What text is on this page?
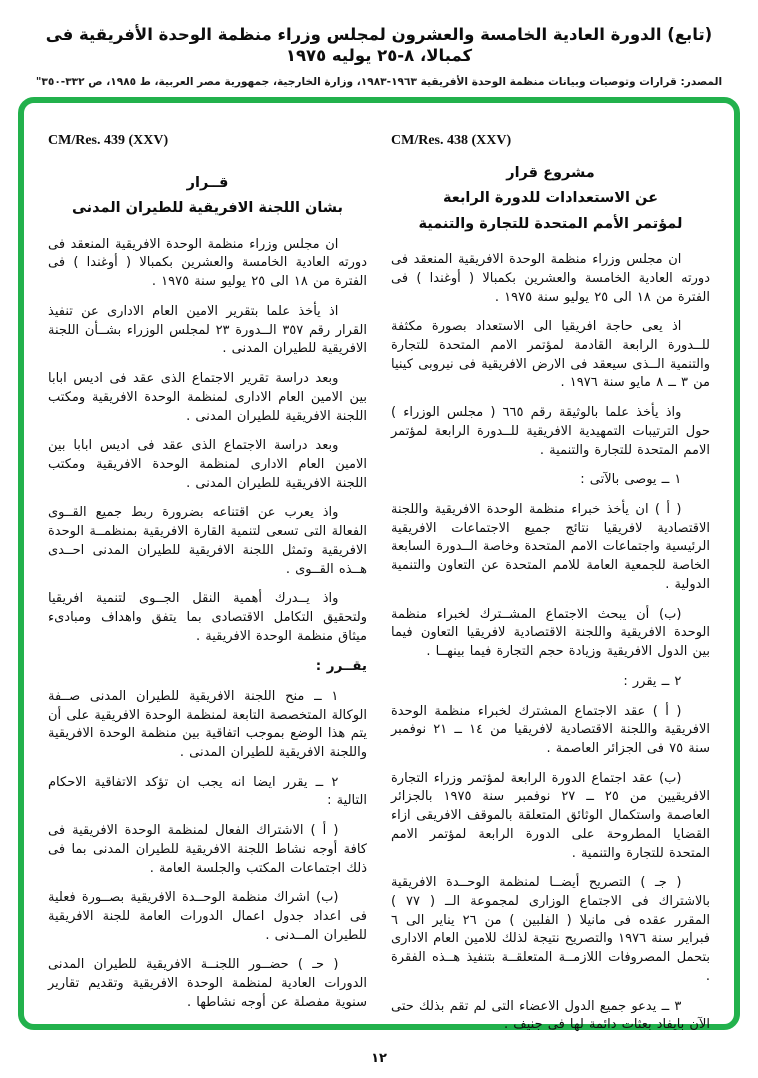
(تابع) الدورة العادية الخامسة والعشرون لمجلس وزراء منظمة الوحدة الأفريقية فى كمبالا، ٨-٢٥ يوليه ١٩٧٥
المصدر: قرارات وتوصيات وبيانات منظمة الوحدة الأفريقية ١٩٦٣-١٩٨٣، وزارة الخارجية، جمهورية مصر العربية، ط ١٩٨٥، ص ٣٣٢-٣٥٠"
CM/Res. 438 (XXV)
مشروع قرار
عن الاستعدادات للدورة الرابعة
لمؤتمر الأمم المتحدة للتجارة والتنمية

ان مجلس وزراء منظمة الوحدة الافريقية المنعقد فى دورته العادية الخامسة والعشرين بكمبالا ( أوغندا ) فى الفترة من ١٨ الى ٢٥ يوليو سنة ١٩٧٥ .

اذ يعى حاجة افريقيا الى الاستعداد بصورة مكثفة للــدورة الرابعة القادمة لمؤتمر الامم المتحدة للتجارة والتنمية الــذى سيعقد فى الارض الافريقية فى نيروبى كينيا من ٣ ــ ٨ مايو سنة ١٩٧٦ .

واذ يأخذ علما بالوثيقة رقم ٦٦٥ ( مجلس الوزراء ) حول الترتيبات التمهيدية الافريقية للــدورة الرابعة لمؤتمر الامم المتحدة للتجارة والتنمية .

١ ــ يوصى بالآتى :

( أ ) ان يأخذ خبراء منظمة الوحدة الافريقية واللجنة الاقتصادية لافريقيا نتائج جميع الاجتماعات الافريقية الرئيسية واجتماعات الامم المتحدة وخاصة الــدورة السابعة الخاصة للجمعية العامة للامم المتحدة عن التعاون والتنمية الدولية .

(ب) أن يبحث الاجتماع المشــترك لخبراء منظمة الوحدة الافريقية واللجنة الاقتصادية لافريقيا التعاون فيما بين الدول الافريقية وزيادة حجم التجارة فيما بينهــا .

٢ ــ يقرر :

( أ ) عقد الاجتماع المشترك لخبراء منظمة الوحدة الافريقية واللجنة الاقتصادية لافريقيا من ١٤ ــ ٢١ نوفمبر سنة ٧٥ فى الجزائر العاصمة .

(ب) عقد اجتماع الدورة الرابعة لمؤتمر وزراء التجارة الافريقيين من ٢٥ ــ ٢٧ نوفمبر سنة ١٩٧٥ بالجزائر العاصمة واستكمال الوثائق المتعلقة بالموقف الافريقى ازاء القضايا المطروحة على الدورة الرابعة لمؤتمر الامم المتحدة للتجارة والتنمية .

( جـ ) التصريح أيضــا لمنظمة الوحــدة الافريقية بالاشتراك فى الاجتماع الوزارى لمجموعة الــ ( ٧٧ ) المقرر عقده فى مانيلا ( الفلبين ) من ٢٦ يناير الى ٦ فبراير سنة ١٩٧٦ والتصريح نتيجة لذلك للامين العام الادارى بتحمل المصروفات اللازمــة المتعلقــة بتنفيذ هــذه الفقرة .

٣ ــ يدعو جميع الدول الاعضاء التى لم تقم بذلك حتى الآن بايفاد بعثات دائمة لها فى جنيف .

CM/Res. 439 (XXV)
قــرار
بشان اللجنة الافريقية للطيران المدنى

ان مجلس وزراء منظمة الوحدة الافريقية المنعقد فى دورته العادية الخامسة والعشرين بكمبالا ( أوغندا ) فى الفترة من ١٨ الى ٢٥ يوليو سنة ١٩٧٥ .

اذ يأخذ علما بتقرير الامين العام الادارى عن تنفيذ القرار رقم ٣٥٧ الــدورة ٢٣ لمجلس الوزراء بشــأن اللجنة الافريقية للطيران المدنى .

وبعد دراسة تقرير الاجتماع الذى عقد فى اديس ابابا بين الامين العام الادارى لمنظمة الوحدة الافريقية ومكتب اللجنة الافريقية للطيران المدنى .

وبعد دراسة الاجتماع الذى عقد فى اديس ابابا بين الامين العام الادارى لمنظمة الوحدة الافريقية ومكتب اللجنة الافريقية للطيران المدنى .

واذ يعرب عن اقتناعه بضرورة ربط جميع القــوى الفعالة التى تسعى لتنمية القارة الافريقية بمنظمــة الوحدة الافريقية وتمثل اللجنة الافريقية للطيران المدنى احــدى هــذه القــوى .

واذ يــدرك أهمية النقل الجــوى لتنمية افريقيا ولتحقيق التكامل الاقتصادى بما يتفق واهداف ومبادىء ميثاق منظمة الوحدة الافريقية .

يقــرر :

١ ــ منح اللجنة الافريقية للطيران المدنى صــفة الوكالة المتخصصة التابعة لمنظمة الوحدة الافريقية على أن يتم هذا الوضع بموجب اتفاقية بين منظمة الوحدة الافريقية واللجنة الافريقية للطيران المدنى .

٢ ــ يقرر ايضا انه يجب ان تؤكد الاتفاقية الاحكام التالية :

( أ ) الاشتراك الفعال لمنظمة الوحدة الافريقية فى كافة أوجه نشاط اللجنة الافريقية للطيران المدنى بما فى ذلك اجتماعات المكتب والجلسة العامة .

(ب) اشراك منظمة الوحــدة الافريقية بصــورة فعلية فى اعداد جدول اعمال الدورات العامة للجنة الافريقية للطيران المــدنى .

( حـ ) حضــور اللجنــة الافريقية للطيران المدنى الدورات العادية لمنظمة الوحدة الافريقية وتقديم تقارير سنوية مفصلة عن أوجه نشاطها .

١٢
